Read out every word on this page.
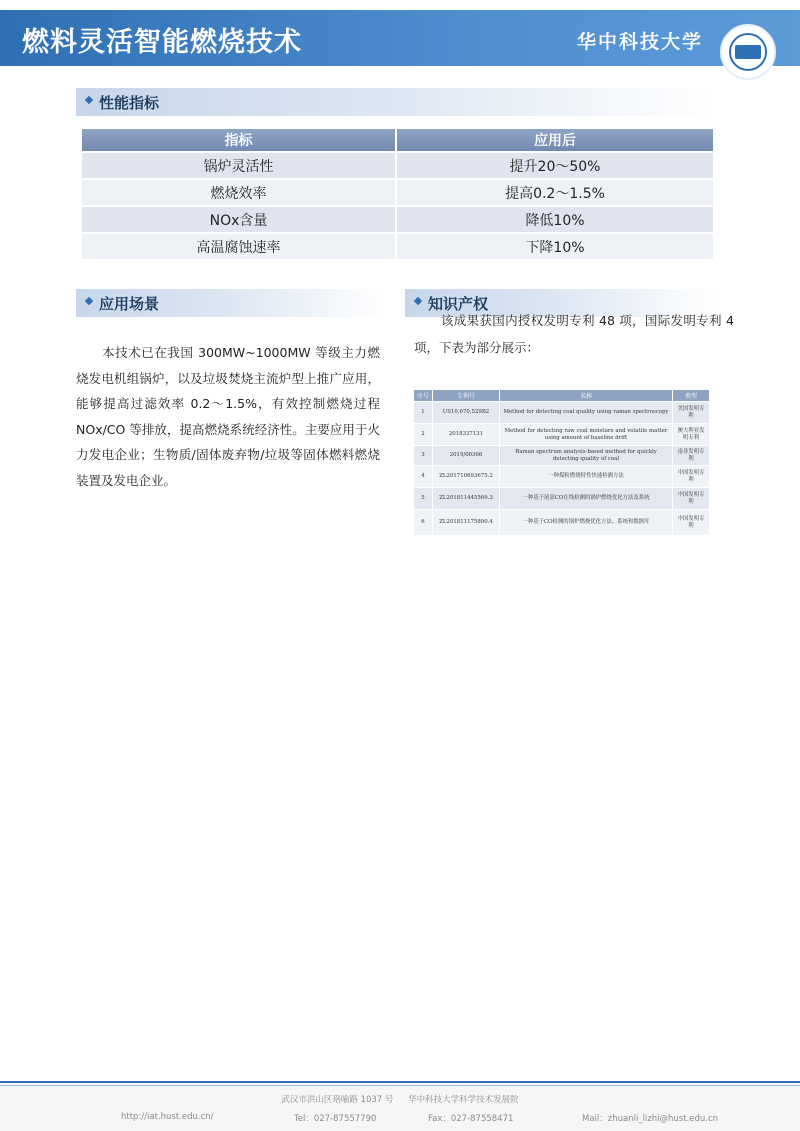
燃料灵活智能燃烧技术	华中科技大学
性能指标
指标	应用后
锅炉灵活性	提升20～50%
燃烧效率	提高0.2～1.5%
NOx含量	降低10%
高温腐蚀速率	下降10%
应用场景
本技术已在我国 300MW~1000MW 等级主力燃烧发电机组锅炉，以及垃圾焚烧主流炉型上推广应用，能够提高过滤效率 0.2～1.5%，有效控制燃烧过程NOx/CO 等排放，提高燃烧系统经济性。主要应用于火力发电企业；生物质/固体废弃物/垃圾等固体燃料燃烧装置及发电企业。
知识产权
该成果获国内授权发明专利 48 项，国际发明专利 4 项，下表为部分展示：
序号	专利号	名称	类型
1	US10,670,529B2	Method for detecting coal quality using raman spectroscopy	美国发明专利
2	2018337131	Method for detecting raw coal moisture and volatile matter using amount of baseline drift	澳大利亚发明专利
3	2019/00366	Raman spectrum analysis-based method for quickly detecting quality of coal	南非发明专利
4	ZL201710693675.2	一种煤粉燃烧特性快速检测方法	中国发明专利
5	ZL201811445569.3	一种基于尾部CO在线检测的锅炉燃烧优化方法及系统	中国发明专利
6	ZL201811175890.4	一种基于CO检测的锅炉燃烧优化方法、系统和数据库	中国发明专利
武汉市洪山区珞喻路 1037 号 华中科技大学科学技术发展院
http://iat.hust.edu.cn/	Tel：027-87557790	Fax：027-87558471	Mail：zhuanli_lizhi@hust.edu.cn
